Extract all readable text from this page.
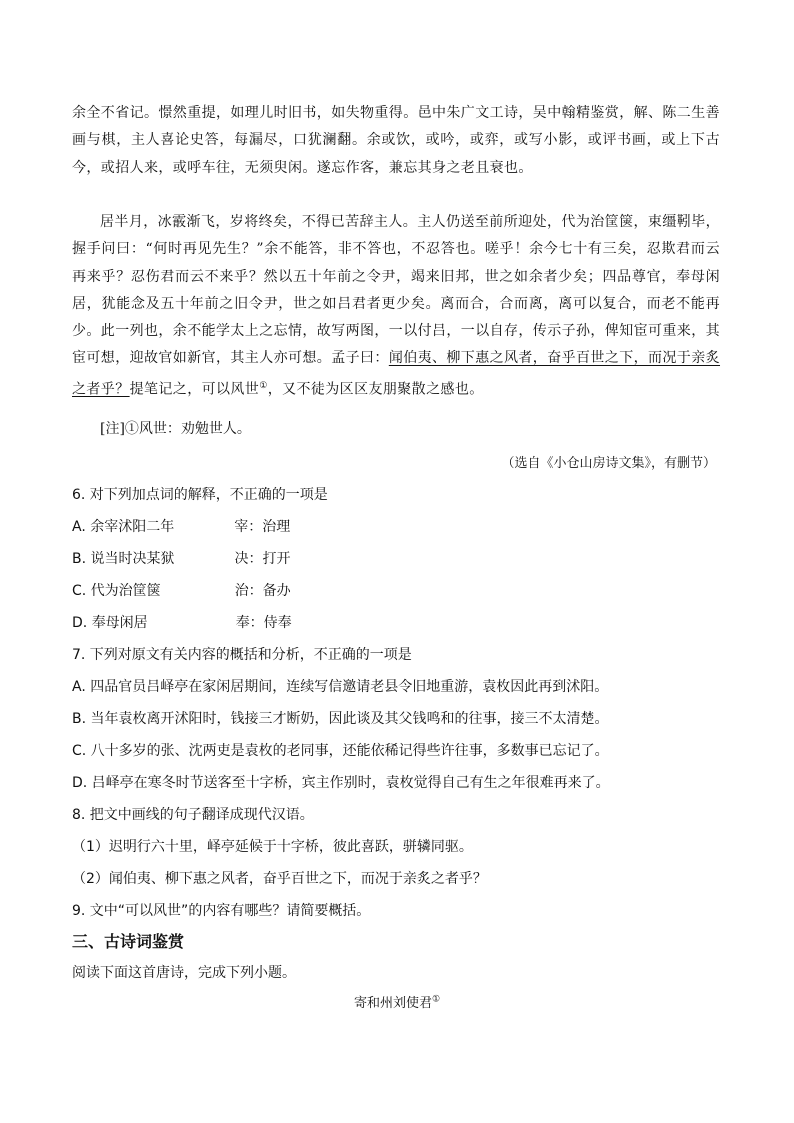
余全不省记。憬然重提，如理儿时旧书，如失物重得。邑中朱广文工诗，吴中翰精鉴赏，解、陈二生善画与棋，主人喜论史答，每漏尽，口犹澜翻。余或饮，或吟，或弈，或写小影，或评书画，或上下古今，或招人来，或呼车往，无须臾闲。遂忘作客，兼忘其身之老且衰也。

居半月，冰霰渐飞，岁将终矣，不得已苦辞主人。主人仍送至前所迎处，代为治筐箧，束缰靷毕，握手问曰：“何时再见先生？”余不能答，非不答也，不忍答也。嗟乎！余今七十有三矣，忍欺君而云再来乎？忍伤君而云不来乎？然以五十年前之令尹，竭来旧邦，世之如余者少矣；四品尊官，奉母闲居，犹能念及五十年前之旧令尹，世之如吕君者更少矣。离而合，合而离，离可以复合，而老不能再少。此一列也，余不能学太上之忘情，故写两图，一以付吕，一以自存，传示子孙，俾知宦可重来，其宦可想，迎故官如新官，其主人亦可想。孟子曰：闻伯夷、柳下惠之风者，奋乎百世之下，而况于亲炙之者乎？提笔记之，可以风世①，又不徒为区区友朋聚散之感也。

[注]①风世：劝勉世人。
（选自《小仓山房诗文集》，有删节）
6. 对下列加点词的解释，不正确的一项是
A. 余宰沭阳二年	宰：治理
B. 说当时决某狱	决：打开
C. 代为治筐箧	治：备办
D. 奉母闲居	奉：侍奉
7. 下列对原文有关内容的概括和分析，不正确的一项是
A. 四品官员吕峄亭在家闲居期间，连续写信邀请老县令旧地重游，袁枚因此再到沭阳。
B. 当年袁枚离开沭阳时，钱接三才断奶，因此谈及其父钱鸣和的往事，接三不太清楚。
C. 八十多岁的张、沈两吏是袁枚的老同事，还能依稀记得些许往事，多数事已忘记了。
D. 吕峄亭在寒冬时节送客至十字桥，宾主作别时，袁枚觉得自己有生之年很难再来了。
8. 把文中画线的句子翻译成现代汉语。
（1）迟明行六十里，峄亭延候于十字桥，彼此喜跃，骈辚同驱。
（2）闻伯夷、柳下惠之风者，奋乎百世之下，而况于亲炙之者乎？
9. 文中“可以风世”的内容有哪些？请简要概括。
三、古诗词鉴赏
阅读下面这首唐诗，完成下列小题。
寄和州刘使君①
